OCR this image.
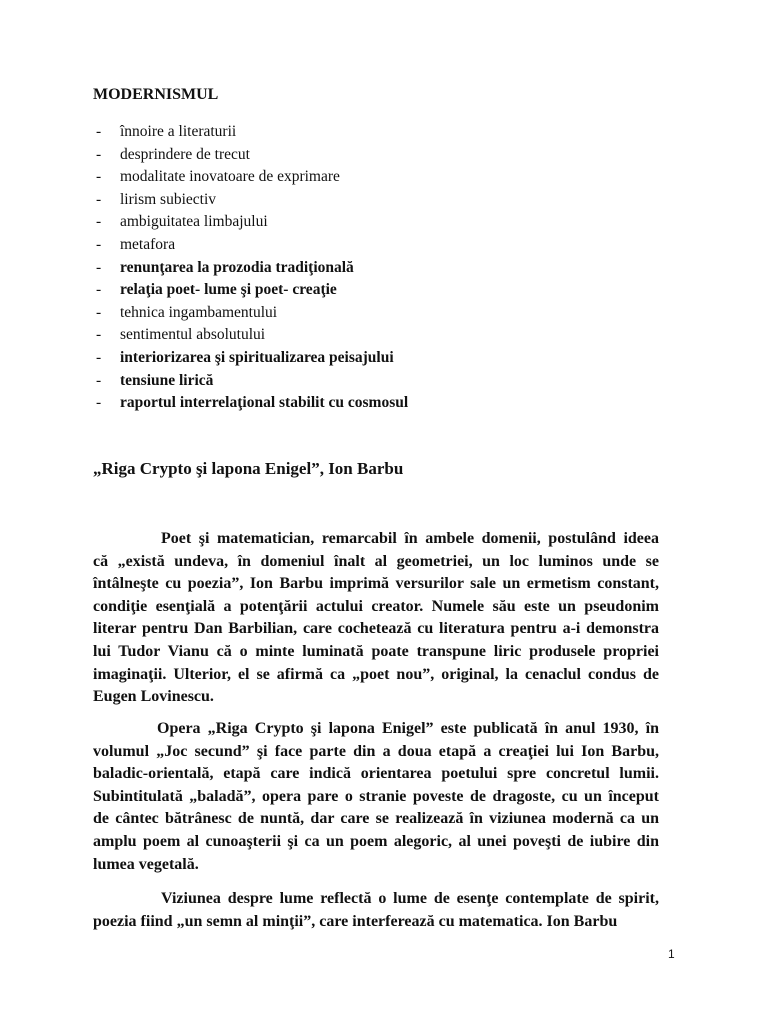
MODERNISMUL
- înnoire a literaturii
- desprindere de trecut
- modalitate inovatoare de exprimare
- lirism subiectiv
- ambiguitatea limbajului
- metafora
- renunţarea la prozodia tradiţională
- relaţia poet- lume şi poet- creaţie
- tehnica ingambamentului
- sentimentul absolutului
- interiorizarea şi spiritualizarea peisajului
- tensiune lirică
- raportul interrelaţional stabilit cu cosmosul
„Riga Crypto şi lapona Enigel”, Ion Barbu
Poet şi matematician, remarcabil în ambele domenii, postulând ideea
că „există undeva, în domeniul înalt al geometriei, un loc luminos unde se
întâlneşte cu poezia”, Ion Barbu imprimă versurilor sale un ermetism constant,
condiţie esenţială a potenţării actului creator. Numele său este un pseudonim
literar pentru Dan Barbilian, care cochetează cu literatura pentru a-i demonstra
lui Tudor Vianu că o minte luminată poate transpune liric produsele propriei
imaginaţii. Ulterior, el se afirmă ca „poet nou”, original, la cenaclul condus de
Eugen Lovinescu.
Opera „Riga Crypto şi lapona Enigel” este publicată în anul 1930, în
volumul „Joc secund” şi face parte din a doua etapă a creaţiei lui Ion Barbu,
baladic-orientală, etapă care indică orientarea poetului spre concretul lumii.
Subintitulată „baladă”, opera pare o stranie poveste de dragoste, cu un început
de cântec bătrânesc de nuntă, dar care se realizează în viziunea modernă ca un
amplu poem al cunoaşterii şi ca un poem alegoric, al unei poveşti de iubire din
lumea vegetală.
Viziunea despre lume reflectă o lume de esenţe contemplate de spirit,
poezia fiind „un semn al minţii”, care interferează cu matematica. Ion Barbu
1
